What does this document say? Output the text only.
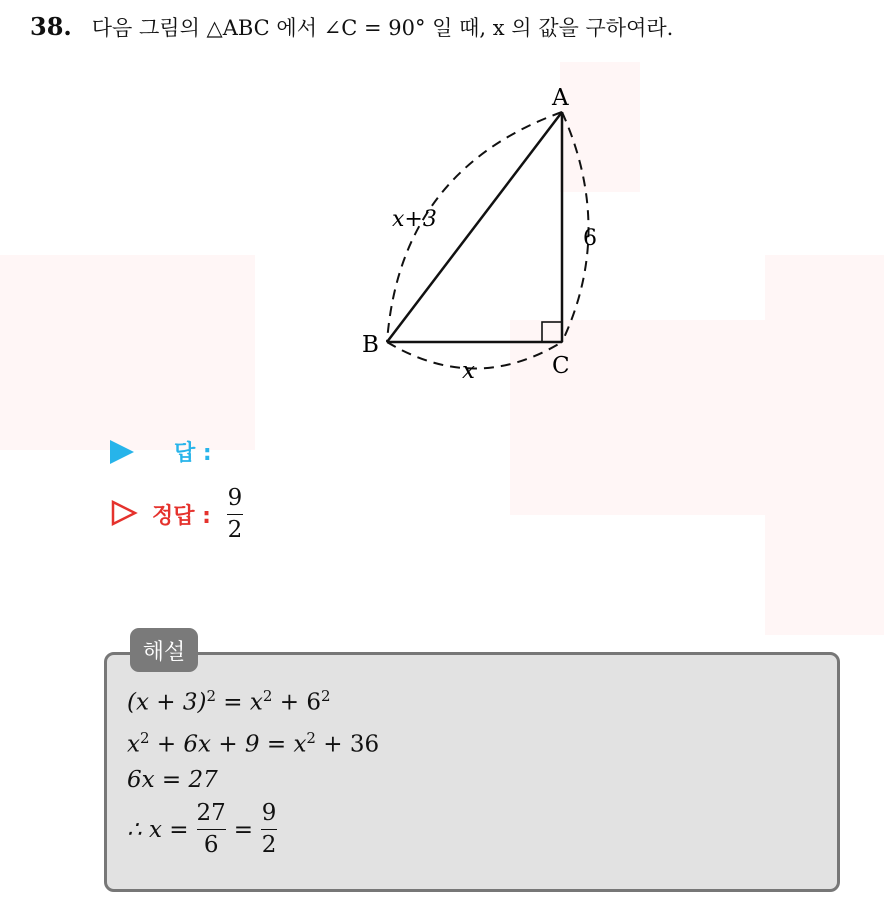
38. 다음 그림의 △ABC 에서 ∠C = 90° 일 때, x 의 값을 구하여라.
A
B
C
x+3
6
x
답 :
정답 : $\frac{9}{2}$
해설
$(x + 3)^2 = x^2 + 6^2$
$x^2 + 6x + 9 = x^2 + 36$
6x = 27
∴ $x = \frac{27}{6} = \frac{9}{2}$
